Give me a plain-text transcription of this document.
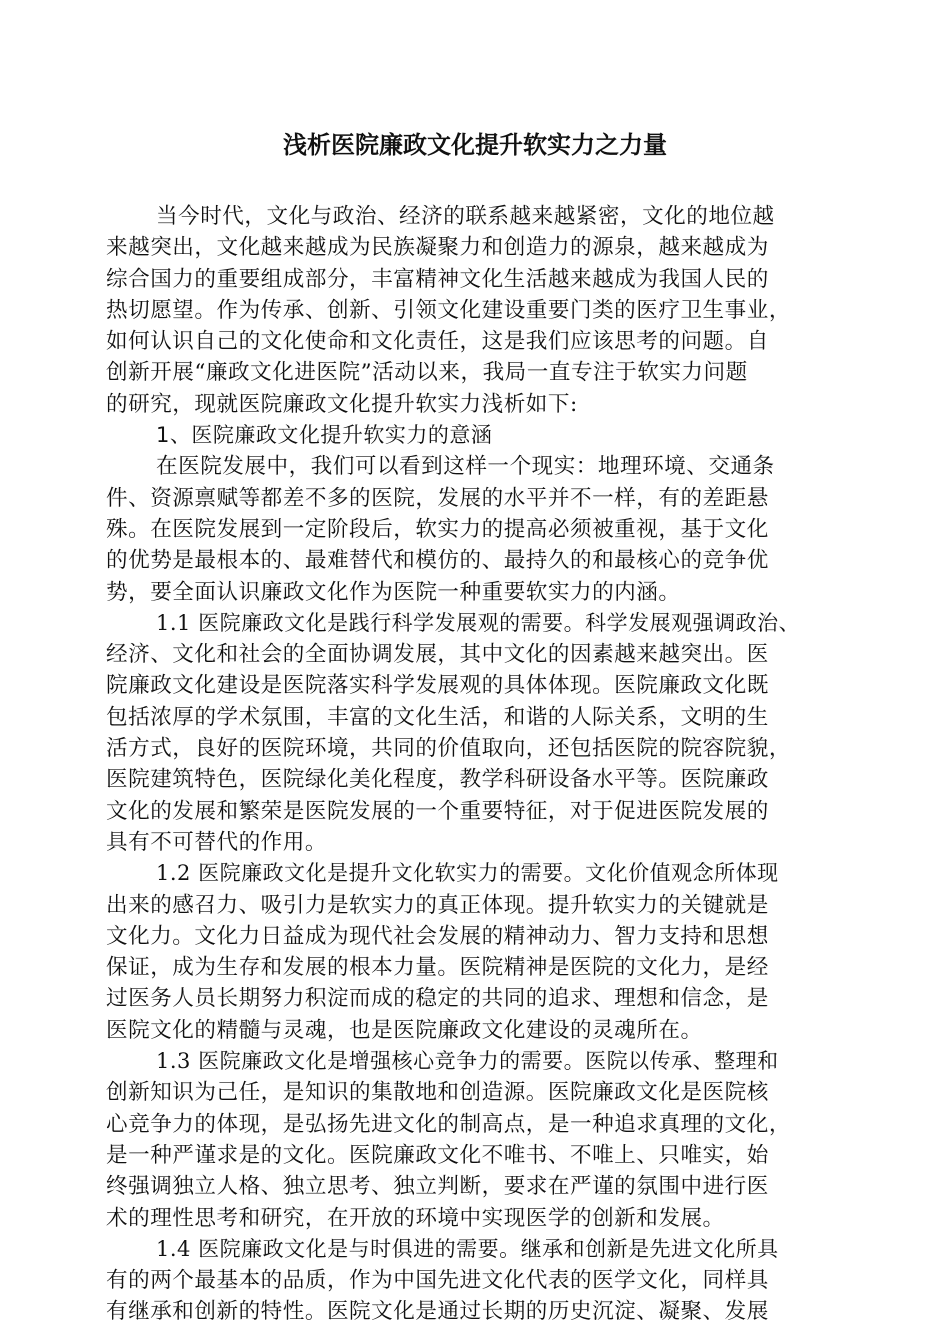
浅析医院廉政文化提升软实力之力量
当今时代，文化与政治、经济的联系越来越紧密，文化的地位越
来越突出，文化越来越成为民族凝聚力和创造力的源泉，越来越成为
综合国力的重要组成部分，丰富精神文化生活越来越成为我国人民的
热切愿望。作为传承、创新、引领文化建设重要门类的医疗卫生事业，
如何认识自己的文化使命和文化责任，这是我们应该思考的问题。自
创新开展“廉政文化进医院”活动以来，我局一直专注于软实力问题
的研究，现就医院廉政文化提升软实力浅析如下:
1、医院廉政文化提升软实力的意涵
在医院发展中，我们可以看到这样一个现实：地理环境、交通条
件、资源禀赋等都差不多的医院，发展的水平并不一样，有的差距悬
殊。在医院发展到一定阶段后，软实力的提高必须被重视，基于文化
的优势是最根本的、最难替代和模仿的、最持久的和最核心的竞争优
势，要全面认识廉政文化作为医院一种重要软实力的内涵。
1.1 医院廉政文化是践行科学发展观的需要。科学发展观强调政治、
经济、文化和社会的全面协调发展，其中文化的因素越来越突出。医
院廉政文化建设是医院落实科学发展观的具体体现。医院廉政文化既
包括浓厚的学术氛围，丰富的文化生活，和谐的人际关系，文明的生
活方式，良好的医院环境，共同的价值取向，还包括医院的院容院貌，
医院建筑特色，医院绿化美化程度，教学科研设备水平等。医院廉政
文化的发展和繁荣是医院发展的一个重要特征，对于促进医院发展的
具有不可替代的作用。
1.2 医院廉政文化是提升文化软实力的需要。文化价值观念所体现
出来的感召力、吸引力是软实力的真正体现。提升软实力的关键就是
文化力。文化力日益成为现代社会发展的精神动力、智力支持和思想
保证，成为生存和发展的根本力量。医院精神是医院的文化力，是经
过医务人员长期努力积淀而成的稳定的共同的追求、理想和信念，是
医院文化的精髓与灵魂，也是医院廉政文化建设的灵魂所在。
1.3 医院廉政文化是增强核心竞争力的需要。医院以传承、整理和
创新知识为己任，是知识的集散地和创造源。医院廉政文化是医院核
心竞争力的体现，是弘扬先进文化的制高点，是一种追求真理的文化，
是一种严谨求是的文化。医院廉政文化不唯书、不唯上、只唯实，始
终强调独立人格、独立思考、独立判断，要求在严谨的氛围中进行医
术的理性思考和研究，在开放的环境中实现医学的创新和发展。
1.4 医院廉政文化是与时俱进的需要。继承和创新是先进文化所具
有的两个最基本的品质，作为中国先进文化代表的医学文化，同样具
有继承和创新的特性。医院文化是通过长期的历史沉淀、凝聚、发展
